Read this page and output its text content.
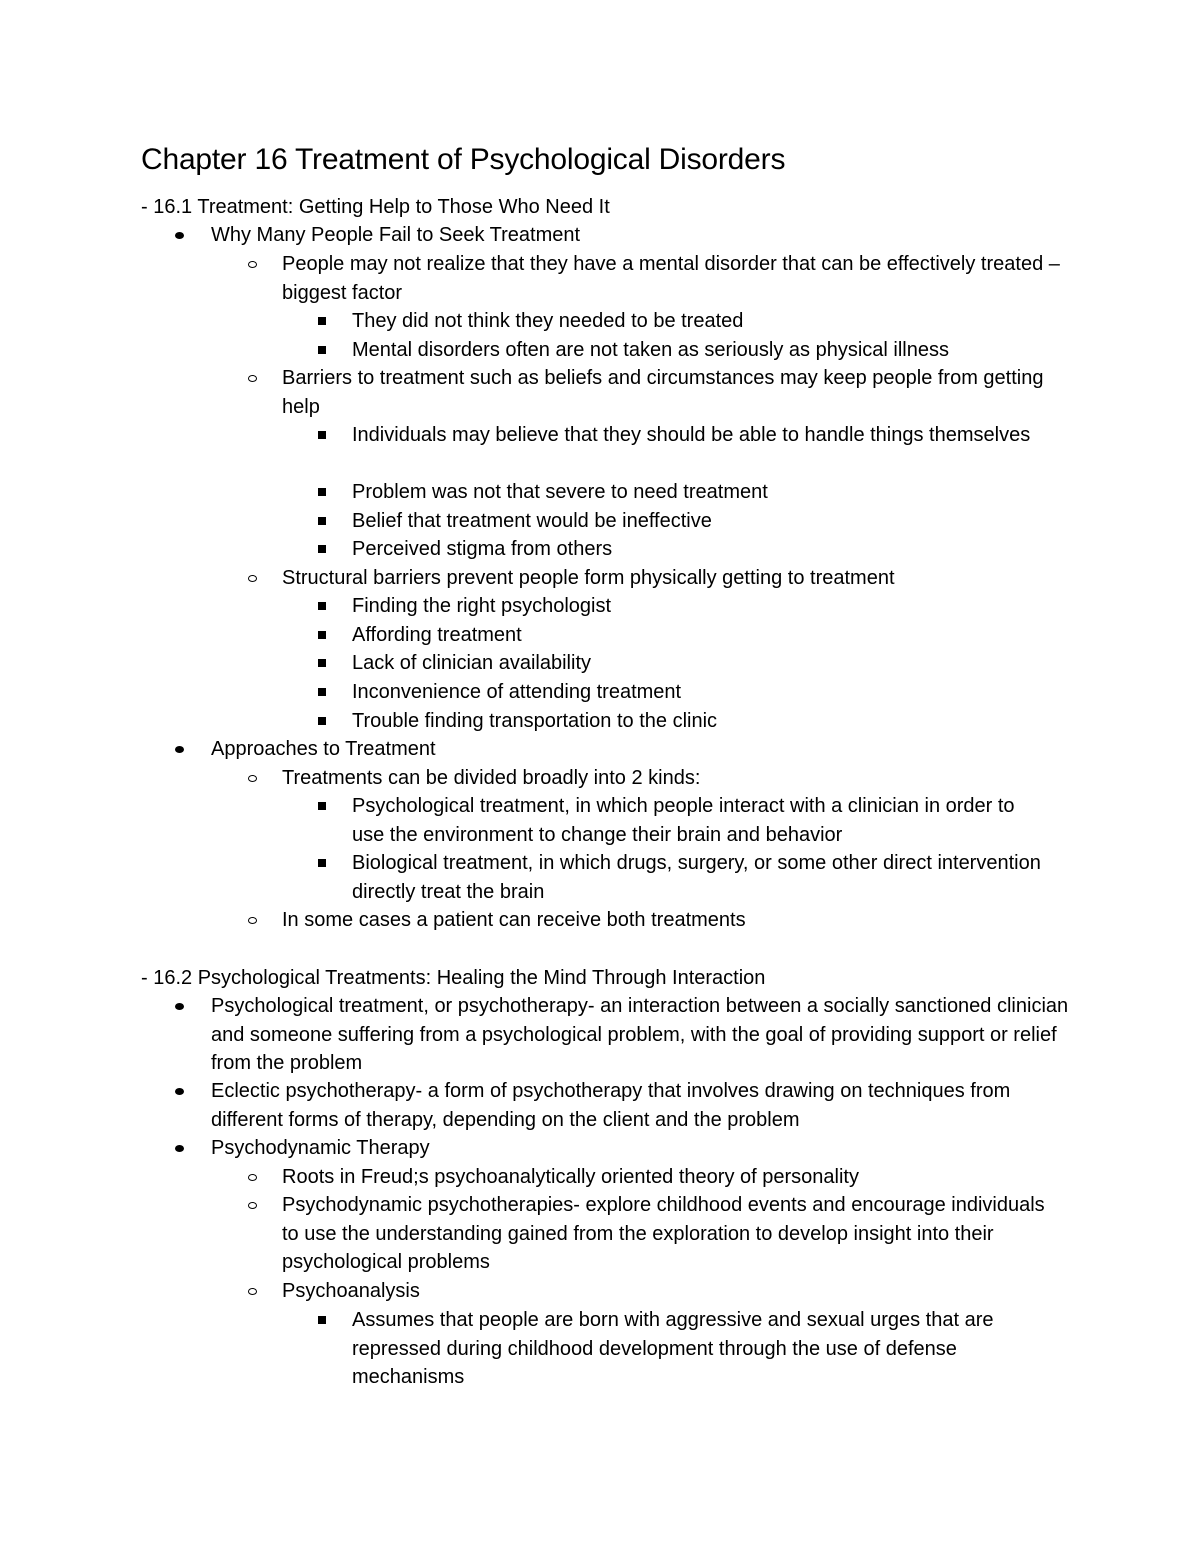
Chapter 16 Treatment of Psychological Disorders

- 16.1 Treatment: Getting Help to Those Who Need It

Why Many People Fail to Seek Treatment
People may not realize that they have a mental disorder that can be effectively treated –biggest factor
They did not think they needed to be treated
Mental disorders often are not taken as seriously as physical illness
Barriers to treatment such as beliefs and circumstances may keep people from getting help
Individuals may believe that they should be able to handle things themselves
Problem was not that severe to need treatment
Belief that treatment would be ineffective
Perceived stigma from others
Structural barriers prevent people form physically getting to treatment
Finding the right psychologist
Affording treatment
Lack of clinician availability
Inconvenience of attending treatment
Trouble finding transportation to the clinic
Approaches to Treatment
Treatments can be divided broadly into 2 kinds:
Psychological treatment, in which people interact with a clinician in order to use the environment to change their brain and behavior
Biological treatment, in which drugs, surgery, or some other direct intervention directly treat the brain
In some cases a patient can receive both treatments

- 16.2 Psychological Treatments: Healing the Mind Through Interaction

Psychological treatment, or psychotherapy- an interaction between a socially sanctioned clinician and someone suffering from a psychological problem, with the goal of providing support or relief from the problem
Eclectic psychotherapy- a form of psychotherapy that involves drawing on techniques from different forms of therapy, depending on the client and the problem
Psychodynamic Therapy
Roots in Freud;s psychoanalytically oriented theory of personality
Psychodynamic psychotherapies- explore childhood events and encourage individuals to use the understanding gained from the exploration to develop insight into their psychological problems
Psychoanalysis
Assumes that people are born with aggressive and sexual urges that are repressed during childhood development through the use of defense mechanisms
